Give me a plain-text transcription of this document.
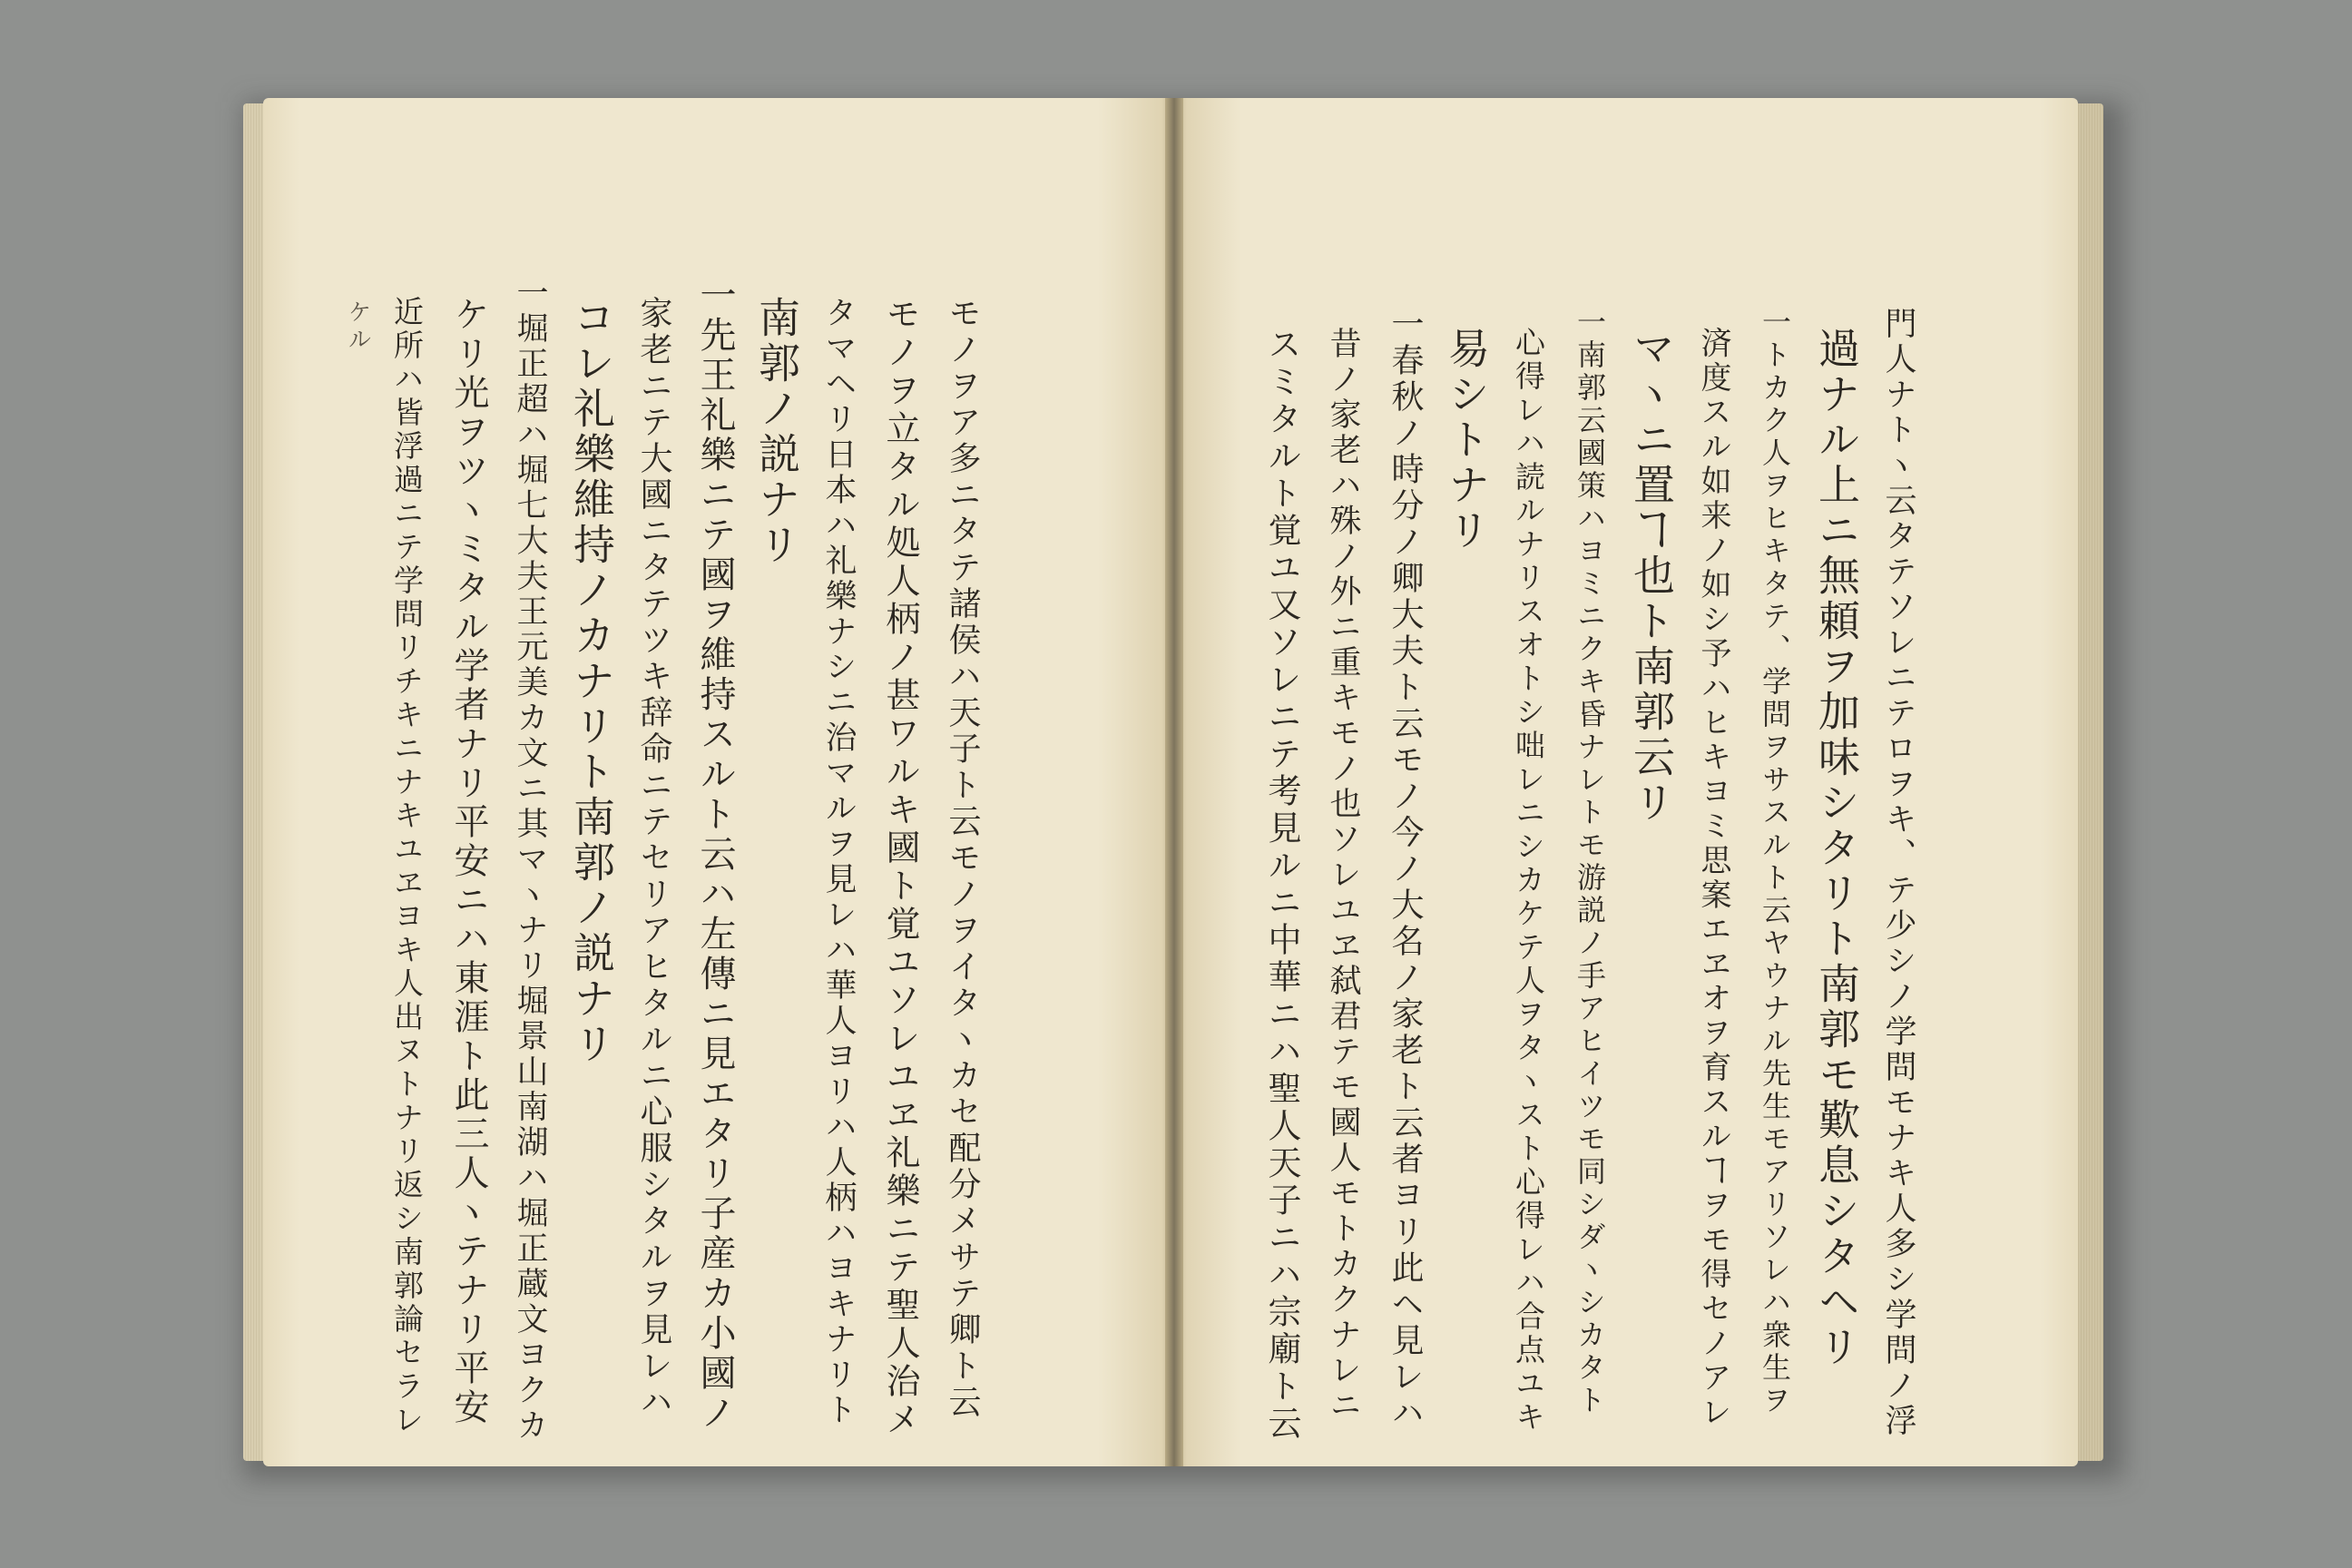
モノヲア多ニタテ諸侯ハ天子ト云モノヲイタヽカセ配分メサテ卿ト云
モノヲ立タル処人柄ノ甚ワルキ國ト覚ユソレユヱ礼樂ニテ聖人治メ
タマヘリ日本ハ礼樂ナシニ治マルヲ見レハ華人ヨリハ人柄ハヨキナリト
南郭ノ説ナリ
一先王礼樂ニテ國ヲ維持スルト云ハ左傳ニ見エタリ子産カ小國ノ
家老ニテ大國ニタテツキ辞命ニテセリアヒタルニ心服シタルヲ見レハ
コレ礼樂維持ノカナリト南郭ノ説ナリ
一堀正超ハ堀七大夫王元美カ文ニ其マヽナリ堀景山南湖ハ堀正蔵文ヨクカ
ケリ光ヲツヽミタル学者ナリ平安ニハ東涯ト此三人ヽテナリ平安
近所ハ皆浮過ニテ学問リチキニナキユヱヨキ人出ヌトナリ返シ南郭論セラレ
ケル	門人ナトヽ云タテソレニテロヲキ、テ少シノ学問モナキ人多シ学問ノ浮
過ナル上ニ無頼ヲ加味シタリト南郭モ歎息シタヘリ
一トカク人ヲヒキタテ、学問ヲサスルト云ヤウナル先生モアリソレハ衆生ヲ
済度スル如来ノ如シ予ハヒキヨミ思案エヱオヲ育スルヿヲモ得セノアレ
マヽニ置ヿ也ト南郭云リ
一南郭云國策ハヨミニクキ昏ナレトモ游説ノ手アヒイツモ同シダヽシカタト
心得レハ読ルナリスオトシ咄レニシカケテ人ヲタヽスト心得レハ合点ユキ
易シトナリ
一春秋ノ時分ノ卿大夫ト云モノ今ノ大名ノ家老ト云者ヨリ此ヘ見レハ
昔ノ家老ハ殊ノ外ニ重キモノ也ソレユヱ弑君テモ國人モトカクナレニ
スミタルト覚ユ又ソレニテ考見ルニ中華ニハ聖人天子ニハ宗廟ト云
